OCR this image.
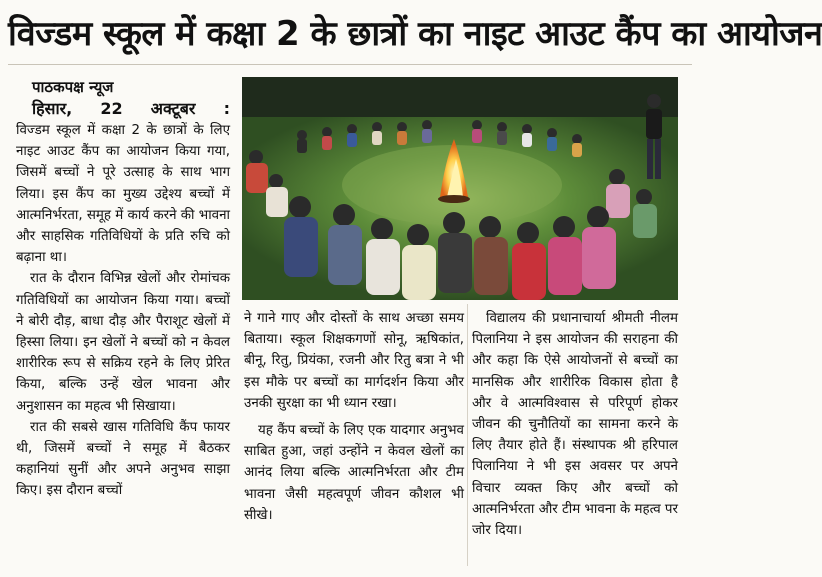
विज्डम स्कूल में कक्षा 2 के छात्रों का नाइट आउट कैंप का आयोजन
पाठकपक्ष न्यूज
हिसार, 22 अक्टूबर :

विज्डम स्कूल में कक्षा 2 के छात्रों के लिए नाइट आउट कैंप का आयोजन किया गया, जिसमें बच्चों ने पूरे उत्साह के साथ भाग लिया। इस कैंप का मुख्य उद्देश्य बच्चों में आत्मनिर्भरता, समूह में कार्य करने की भावना और साहसिक गतिविधियों के प्रति रुचि को बढ़ाना था।

रात के दौरान विभिन्न खेलों और रोमांचक गतिविधियों का आयोजन किया गया। बच्चों ने बोरी दौड़, बाधा दौड़ और पैराशूट खेलों में हिस्सा लिया। इन खेलों ने बच्चों को न केवल शारीरिक रूप से सक्रिय रहने के लिए प्रेरित किया, बल्कि उन्हें खेल भावना और अनुशासन का महत्व भी सिखाया।

रात की सबसे खास गतिविधि कैंप फायर थी, जिसमें बच्चों ने समूह में बैठकर कहानियां सुनीं और अपने अनुभव साझा किए। इस दौरान बच्चों

ने गाने गाए और दोस्तों के साथ अच्छा समय बिताया। स्कूल शिक्षकगणों सोनू, ऋषिकांत, बीनू, रितु, प्रियंका, रजनी और रितु बत्रा ने भी इस मौके पर बच्चों का मार्गदर्शन किया और उनकी सुरक्षा का भी ध्यान रखा।

यह कैंप बच्चों के लिए एक यादगार अनुभव साबित हुआ, जहां उन्होंने न केवल खेलों का आनंद लिया बल्कि आत्मनिर्भरता और टीम भावना जैसी महत्वपूर्ण जीवन कौशल भी सीखे।

विद्यालय की प्रधानाचार्या श्रीमती नीलम पिलानिया ने इस आयोजन की सराहना की और कहा कि ऐसे आयोजनों से बच्चों का मानसिक और शारीरिक विकास होता है और वे आत्मविश्वास से परिपूर्ण होकर जीवन की चुनौतियों का सामना करने के लिए तैयार होते हैं। संस्थापक श्री हरिपाल पिलानिया ने भी इस अवसर पर अपने विचार व्यक्त किए और बच्चों को आत्मनिर्भरता और टीम भावना के महत्व पर जोर दिया।
